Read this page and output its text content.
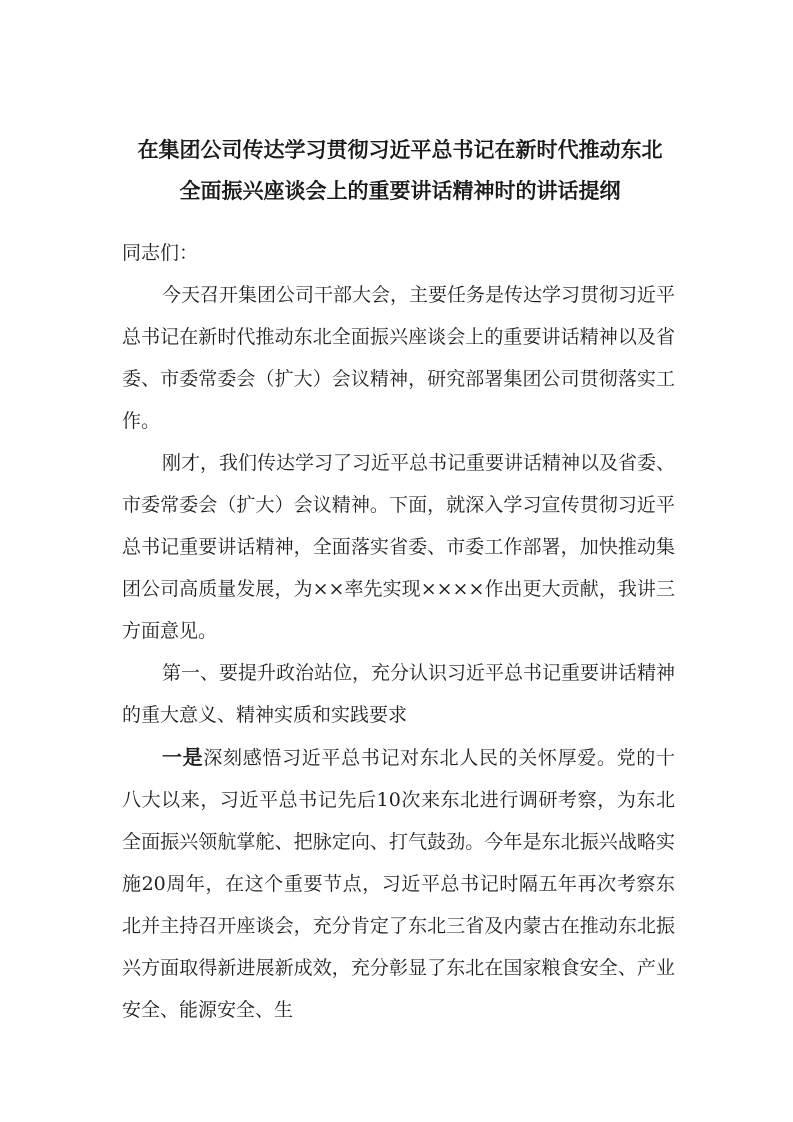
在集团公司传达学习贯彻习近平总书记在新时代推动东北
全面振兴座谈会上的重要讲话精神时的讲话提纲

同志们：

今天召开集团公司干部大会，主要任务是传达学习贯彻习近平总书记在新时代推动东北全面振兴座谈会上的重要讲话精神以及省委、市委常委会（扩大）会议精神，研究部署集团公司贯彻落实工作。

刚才，我们传达学习了习近平总书记重要讲话精神以及省委、市委常委会（扩大）会议精神。下面，就深入学习宣传贯彻习近平总书记重要讲话精神，全面落实省委、市委工作部署，加快推动集团公司高质量发展，为××率先实现××××作出更大贡献，我讲三方面意见。

第一、要提升政治站位，充分认识习近平总书记重要讲话精神的重大意义、精神实质和实践要求

一是深刻感悟习近平总书记对东北人民的关怀厚爱。党的十八大以来，习近平总书记先后10次来东北进行调研考察，为东北全面振兴领航掌舵、把脉定向、打气鼓劲。今年是东北振兴战略实施20周年，在这个重要节点，习近平总书记时隔五年再次考察东北并主持召开座谈会，充分肯定了东北三省及内蒙古在推动东北振兴方面取得新进展新成效，充分彰显了东北在国家粮食安全、产业安全、能源安全、生
